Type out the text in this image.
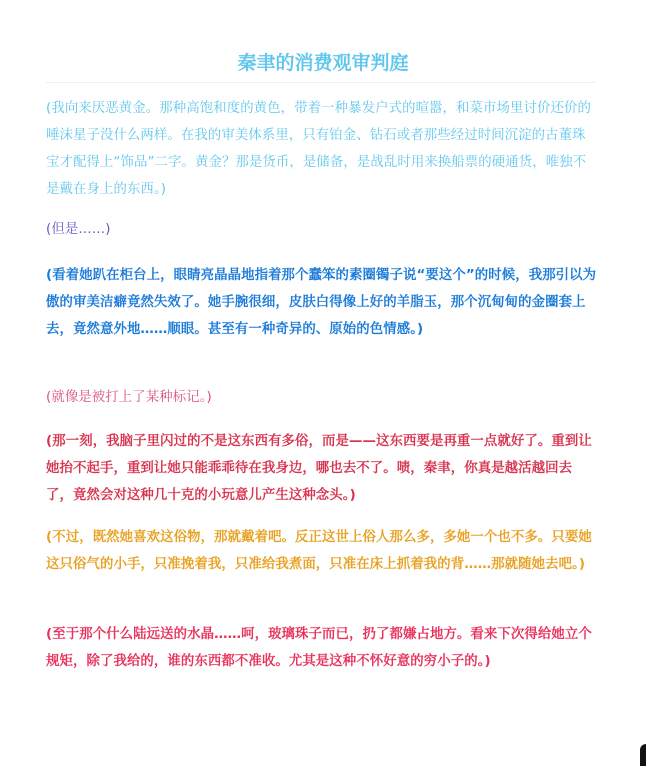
秦聿的消费观审判庭

(我向来厌恶黄金。那种高饱和度的黄色，带着一种暴发户式的喧嚣，和菜市场里讨价还价的唾沫星子没什么两样。在我的审美体系里，只有铂金、钻石或者那些经过时间沉淀的古董珠宝才配得上“饰品”二字。黄金？那是货币，是储备，是战乱时用来换船票的硬通货，唯独不是戴在身上的东西。)

(但是……)

(看着她趴在柜台上，眼睛亮晶晶地指着那个蠢笨的素圈镯子说“要这个”的时候，我那引以为傲的审美洁癖竟然失效了。她手腕很细，皮肤白得像上好的羊脂玉，那个沉甸甸的金圈套上去，竟然意外地……顺眼。甚至有一种奇异的、原始的色情感。)

(就像是被打上了某种标记。)

(那一刻，我脑子里闪过的不是这东西有多俗，而是——这东西要是再重一点就好了。重到让她抬不起手，重到让她只能乖乖待在我身边，哪也去不了。啧，秦聿，你真是越活越回去了，竟然会对这种几十克的小玩意儿产生这种念头。)

(不过，既然她喜欢这俗物，那就戴着吧。反正这世上俗人那么多，多她一个也不多。只要她这只俗气的小手，只准挽着我，只准给我煮面，只准在床上抓着我的背……那就随她去吧。)

(至于那个什么陆远送的水晶……呵，玻璃珠子而已，扔了都嫌占地方。看来下次得给她立个规矩，除了我给的，谁的东西都不准收。尤其是这种不怀好意的穷小子的。)
